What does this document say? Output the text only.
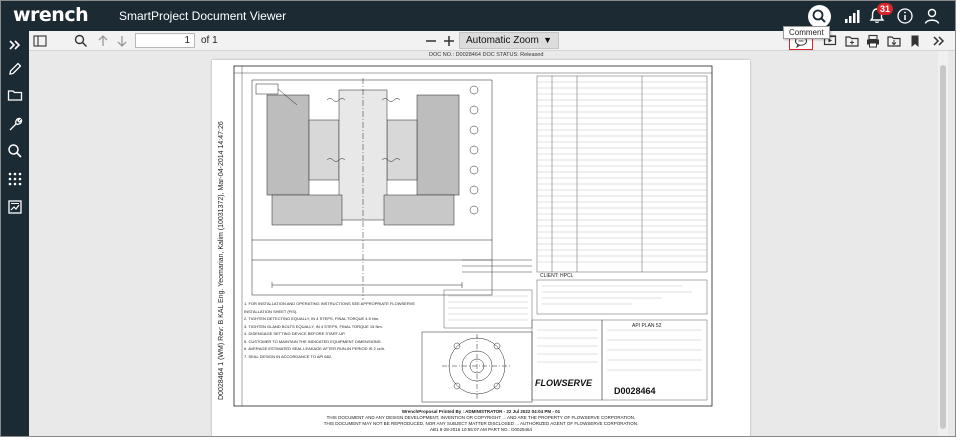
wrench	SmartProject Document Viewer	31
1	of 1	Automatic Zoom ▼
Comment
DOC NO.: D0028464 DOC STATUS: Released
FLOWSERVE
D0028464
API PLAN 52
CLIENT: HPCL
D0028464 1 (WM) Rev: B KAL Eng. Yeomarian, Kalim (10031372), Mar-04-2014 14:47:26	1. FOR INSTALLATION AND OPERATING INSTRUCTIONS SEE APPROPRIATE FLOWSERVE INSTALLATION SHEET (FIS).
2. TIGHTEN DETECTING EQUALLY, IN 4 STEPS, FINAL TORQUE 4.5 Nm.
3. TIGHTEN GLAND BOLTS EQUALLY, IN 4 STEPS, FINAL TORQUE 15 Nm.
4. DISENGAGE SETTING DEVICE BEFORE START-UP.
5. CUSTOMER TO MAINTAIN THE INDICATED EQUIPMENT DIMENSIONS.
6. AVERAGE ESTIMATED SEAL LEAKAGE AFTER RUN-IN PERIOD IS 2 cc/h.
7. SEAL DESIGN IN ACCORDANCE TO API 682.
WrenchProposal Printed By : ADMINISTRATOR - 22 Jul 2022 04:04 PM - 01
THIS DOCUMENT AND ANY DESIGN DEVELOPMENT, INVENTION OR COPYRIGHT ... AND ARE THE PROPERTY OF FLOWSERVE CORPORATION.
THIS DOCUMENT MAY NOT BE REPRODUCED, NOR ANY SUBJECT MATTER DISCLOSED ... AUTHORIZED AGENT OF FLOWSERVE CORPORATION.
AB1 8-28-2016 10:55:07 AM PART NO.: D0028464
